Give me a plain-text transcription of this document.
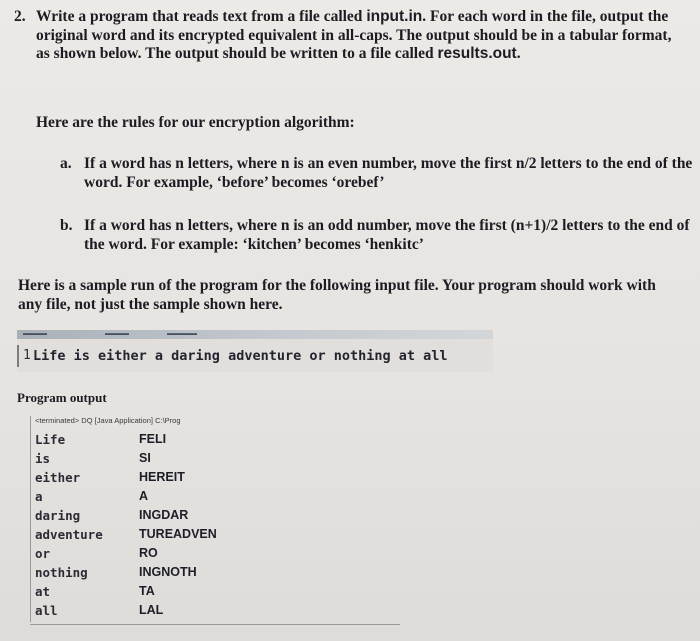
2. Write a program that reads text from a file called input.in. For each word in the file, output the original word and its encrypted equivalent in all-caps. The output should be in a tabular format, as shown below. The output should be written to a file called results.out.
Here are the rules for our encryption algorithm:
a. If a word has n letters, where n is an even number, move the first n/2 letters to the end of the word. For example, ‘before’ becomes ‘orebef’
b. If a word has n letters, where n is an odd number, move the first (n+1)/2 letters to the end of the word. For example: ‘kitchen’ becomes ‘henkitc’
Here is a sample run of the program for the following input file. Your program should work with any file, not just the sample shown here.
▬▬▬▬	▬▬▬▬	▬▬▬▬▬
1 Life is either a daring adventure or nothing at all
Program output
<terminated> DQ [Java Application] C:\Prog
Life	FELI
is	SI
either	HEREIT
a	A
daring	INGDAR
adventure	TUREADVEN
or	RO
nothing	INGNOTH
at	TA
all	LAL
